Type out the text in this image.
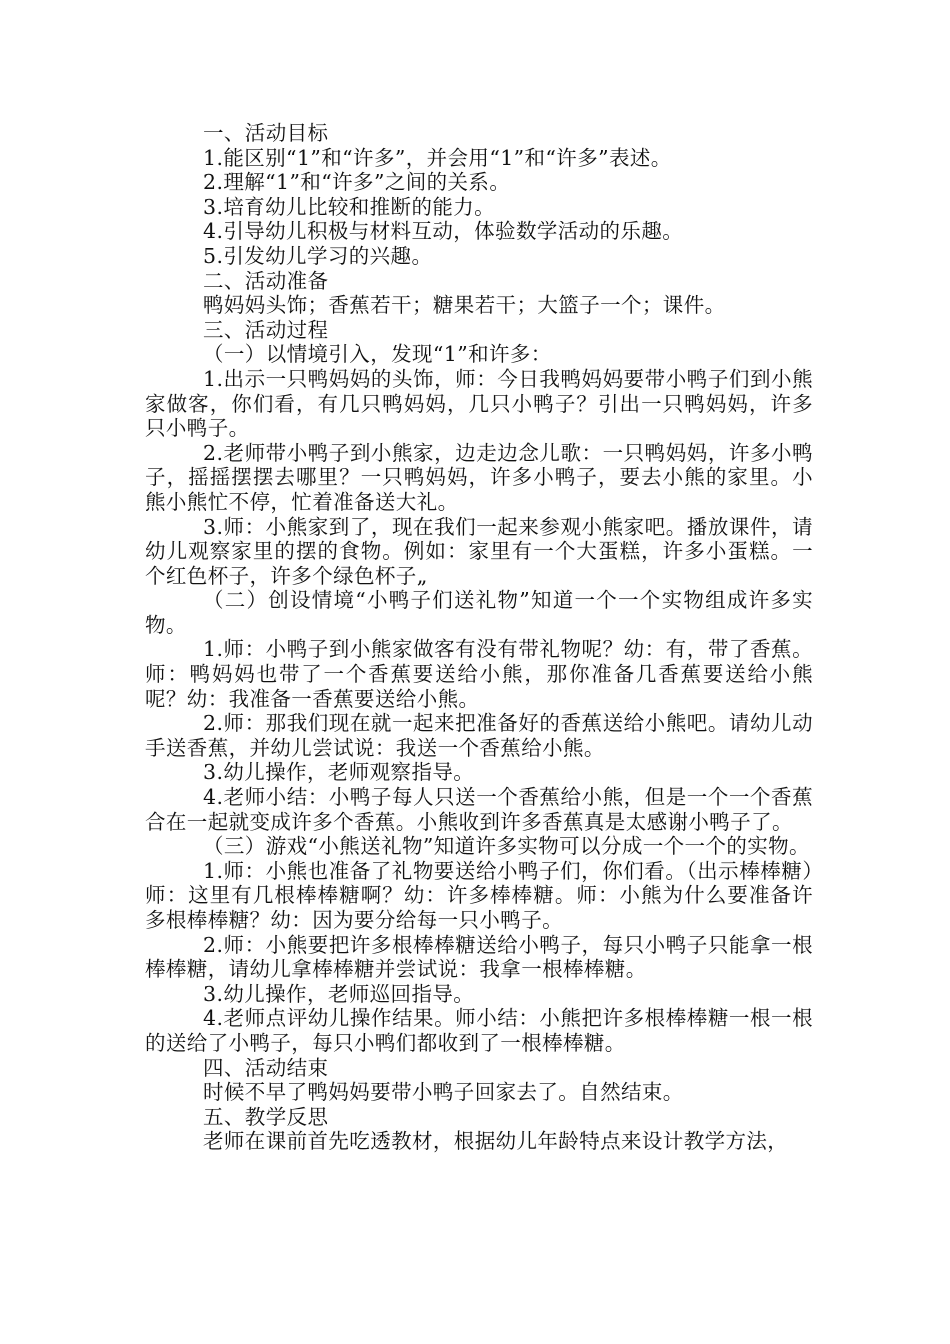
一、活动目标
1.能区别“1”和“许多”，并会用“1”和“许多”表述。
2.理解“1”和“许多”之间的关系。
3.培育幼儿比较和推断的能力。
4.引导幼儿积极与材料互动，体验数学活动的乐趣。
5.引发幼儿学习的兴趣。
二、活动准备
鸭妈妈头饰；香蕉若干；糖果若干；大篮子一个；课件。
三、活动过程
（一）以情境引入，发现“1”和许多：

1.出示一只鸭妈妈的头饰，师：今日我鸭妈妈要带小鸭子们到小熊家做客，你们看，有几只鸭妈妈，几只小鸭子？引出一只鸭妈妈，许多只小鸭子。

2.老师带小鸭子到小熊家，边走边念儿歌：一只鸭妈妈，许多小鸭子，摇摇摆摆去哪里？一只鸭妈妈，许多小鸭子，要去小熊的家里。小熊小熊忙不停，忙着准备送大礼。

3.师：小熊家到了，现在我们一起来参观小熊家吧。播放课件，请幼儿观察家里的摆的食物。例如：家里有一个大蛋糕，许多小蛋糕。一个红色杯子，许多个绿色杯子„

（二）创设情境“小鸭子们送礼物”知道一个一个实物组成许多实物。

1.师：小鸭子到小熊家做客有没有带礼物呢？幼：有，带了香蕉。师：鸭妈妈也带了一个香蕉要送给小熊，那你准备几香蕉要送给小熊呢？幼：我准备一香蕉要送给小熊。

2.师：那我们现在就一起来把准备好的香蕉送给小熊吧。请幼儿动手送香蕉，并幼儿尝试说：我送一个香蕉给小熊。

3.幼儿操作，老师观察指导。

4.老师小结：小鸭子每人只送一个香蕉给小熊，但是一个一个香蕉合在一起就变成许多个香蕉。小熊收到许多香蕉真是太感谢小鸭子了。

（三）游戏“小熊送礼物”知道许多实物可以分成一个一个的实物。

1.师：小熊也准备了礼物要送给小鸭子们，你们看。（出示棒棒糖）师：这里有几根棒棒糖啊？幼：许多棒棒糖。师：小熊为什么要准备许多根棒棒糖？幼：因为要分给每一只小鸭子。

2.师：小熊要把许多根棒棒糖送给小鸭子，每只小鸭子只能拿一根棒棒糖，请幼儿拿棒棒糖并尝试说：我拿一根棒棒糖。

3.幼儿操作，老师巡回指导。

4.老师点评幼儿操作结果。师小结：小熊把许多根棒棒糖一根一根的送给了小鸭子，每只小鸭们都收到了一根棒棒糖。

四、活动结束
时候不早了鸭妈妈要带小鸭子回家去了。自然结束。
五、教学反思
老师在课前首先吃透教材，根据幼儿年龄特点来设计教学方法，
